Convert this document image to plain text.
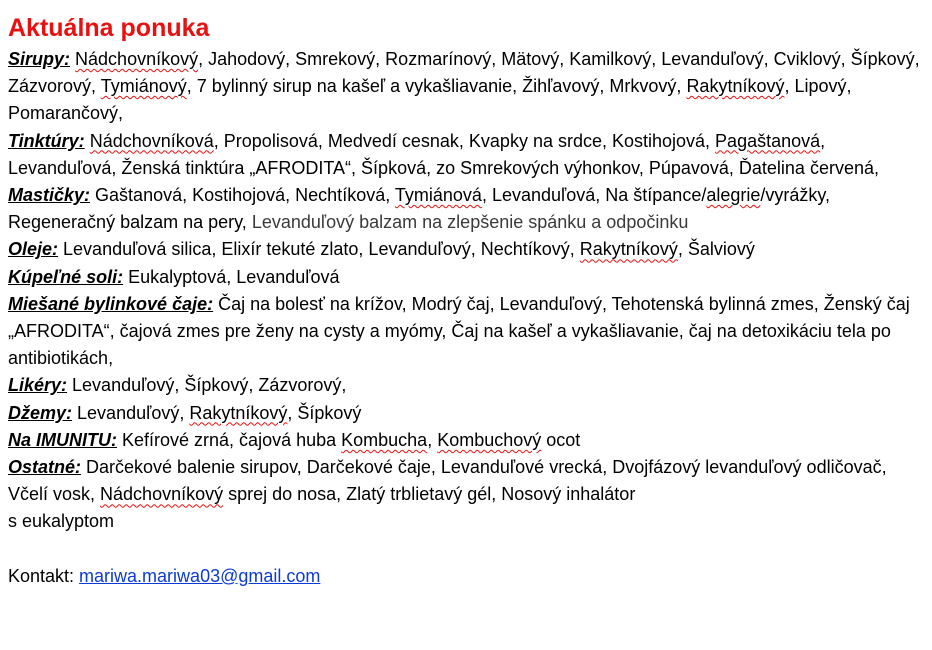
Aktuálna ponuka

Sirupy: Nádchovníkový, Jahodový, Smrekový, Rozmarínový, Mätový, Kamilkový, Levanduľový, Cviklový, Šípkový, Zázvorový, Tymiánový, 7 bylinný sirup na kašeľ a vykašliavanie, Žihľavový, Mrkvový, Rakytníkový, Lipový, Pomarančový,

Tinktúry: Nádchovníková, Propolisová, Medvedí cesnak, Kvapky na srdce, Kostihojová, Pagaštanová, Levanduľová, Ženská tinktúra „AFRODITA“, Šípková, zo Smrekových výhonkov, Púpavová, Ďatelina červená,

Mastičky: Gaštanová, Kostihojová, Nechtíková, Tymiánová, Levanduľová, Na štípance/alegrie/vyrážky, Regeneračný balzam na pery, Levanduľový balzam na zlepšenie spánku a odpočinku

Oleje: Levanduľová silica, Elixír tekuté zlato, Levanduľový, Nechtíkový, Rakytníkový, Šalviový

Kúpeľné soli: Eukalyptová, Levanduľová

Miešané bylinkové čaje: Čaj na bolesť na krížov, Modrý čaj, Levanduľový, Tehotenská bylinná zmes, Ženský čaj „AFRODITA“, čajová zmes pre ženy na cysty a myómy, Čaj na kašeľ a vykašliavanie, čaj na detoxikáciu tela po antibiotikách,

Likéry: Levanduľový, Šípkový, Zázvorový,

Džemy: Levanduľový, Rakytníkový, Šípkový

Na IMUNITU: Kefírové zrná, čajová huba Kombucha, Kombuchový ocot

Ostatné: Darčekové balenie sirupov, Darčekové čaje, Levanduľové vrecká, Dvojfázový levanduľový odličovač, Včelí vosk, Nádchovníkový sprej do nosa, Zlatý trblietavý gél, Nosový inhalátor
s eukalyptom

Kontakt: mariwa.mariwa03@gmail.com
